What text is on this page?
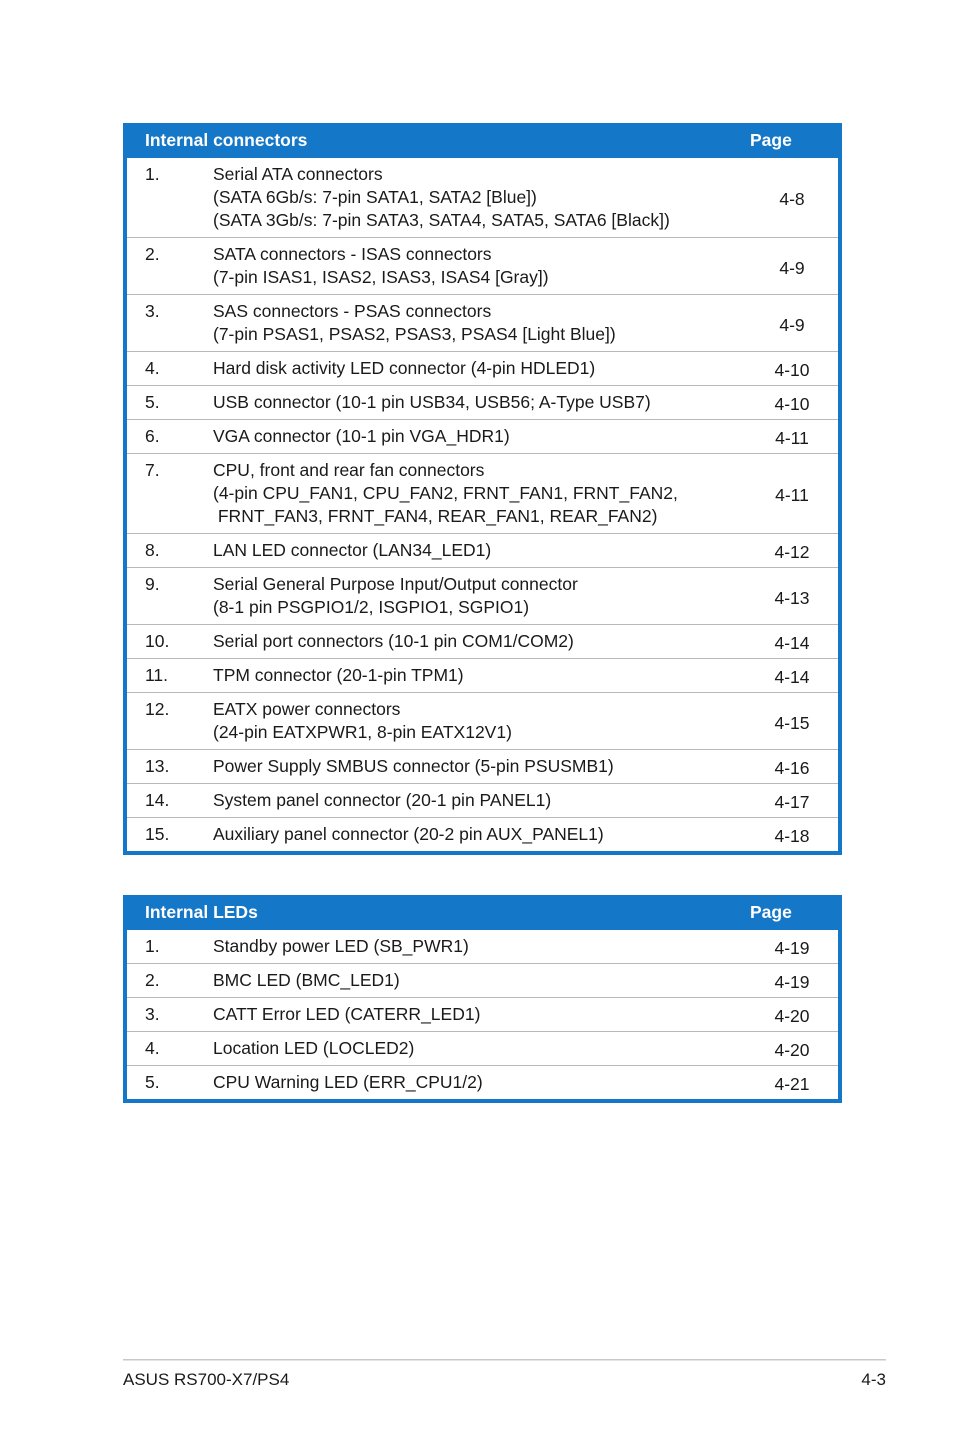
Internal connectors	Page
1.	Serial ATA connectors
(SATA 6Gb/s: 7-pin SATA1, SATA2 [Blue])
(SATA 3Gb/s: 7-pin SATA3, SATA4, SATA5, SATA6 [Black])
4-8
2.	SATA connectors - ISAS connectors
(7-pin ISAS1, ISAS2, ISAS3, ISAS4 [Gray])	4-9
3.	SAS connectors - PSAS connectors
(7-pin PSAS1, PSAS2, PSAS3, PSAS4 [Light Blue])	4-9
4.	Hard disk activity LED connector (4-pin HDLED1)	4-10
5.	USB connector (10-1 pin USB34, USB56; A-Type USB7)	4-10
6.	VGA connector (10-1 pin VGA_HDR1)	4-11
7.	CPU, front and rear fan connectors
(4-pin CPU_FAN1, CPU_FAN2, FRNT_FAN1, FRNT_FAN2,
FRNT_FAN3, FRNT_FAN4, REAR_FAN1, REAR_FAN2)
4-11
8.	LAN LED connector (LAN34_LED1)	4-12
9.	Serial General Purpose Input/Output connector
(8-1 pin PSGPIO1/2, ISGPIO1, SGPIO1)	4-13
10.	Serial port connectors (10-1 pin COM1/COM2)	4-14
11.	TPM connector (20-1-pin TPM1)	4-14
12.	EATX power connectors
(24-pin EATXPWR1, 8-pin EATX12V1)	4-15
13.	Power Supply SMBUS connector (5-pin PSUSMB1)	4-16
14.	System panel connector (20-1 pin PANEL1)	4-17
15.	Auxiliary panel connector (20-2 pin AUX_PANEL1)	4-18
Internal LEDs	Page
1.	Standby power LED (SB_PWR1)	4-19
2.	BMC LED (BMC_LED1)	4-19
3.	CATT Error LED (CATERR_LED1)	4-20
4.	Location LED (LOCLED2)	4-20
5.	CPU Warning LED (ERR_CPU1/2)	4-21
ASUS RS700-X7/PS4	4-3
